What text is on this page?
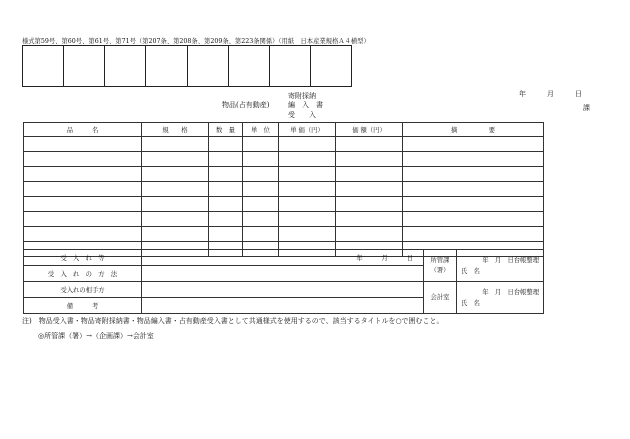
様式第59号、第60号、第61号、第71号（第207条、第208条、第209条、第223条関係）（用紙　日本産業規格Ａ４横型）
寄附採納
物品(占有動産)	編　入　書
受　　入
年　　　月　　　日
課
品　　　名	規　　格	数　量	単　位	単 価（円）	価 額（円）	摘　　　　　要

受　入　れ　等	年　　　月　　　日	所管課（署）	年　月　日台帳整理
氏　名

受　入　れ　の　方　法			
受入れの相手方		会計室	年　月　日台帳整理
氏　名

備　　　考			
注)　物品受入書・物品寄附採納書・物品編入書・占有動産受入書として共通様式を使用するので、該当するタイトルを○で囲むこと。
◎所管課（署）→（企画課）→会計室
